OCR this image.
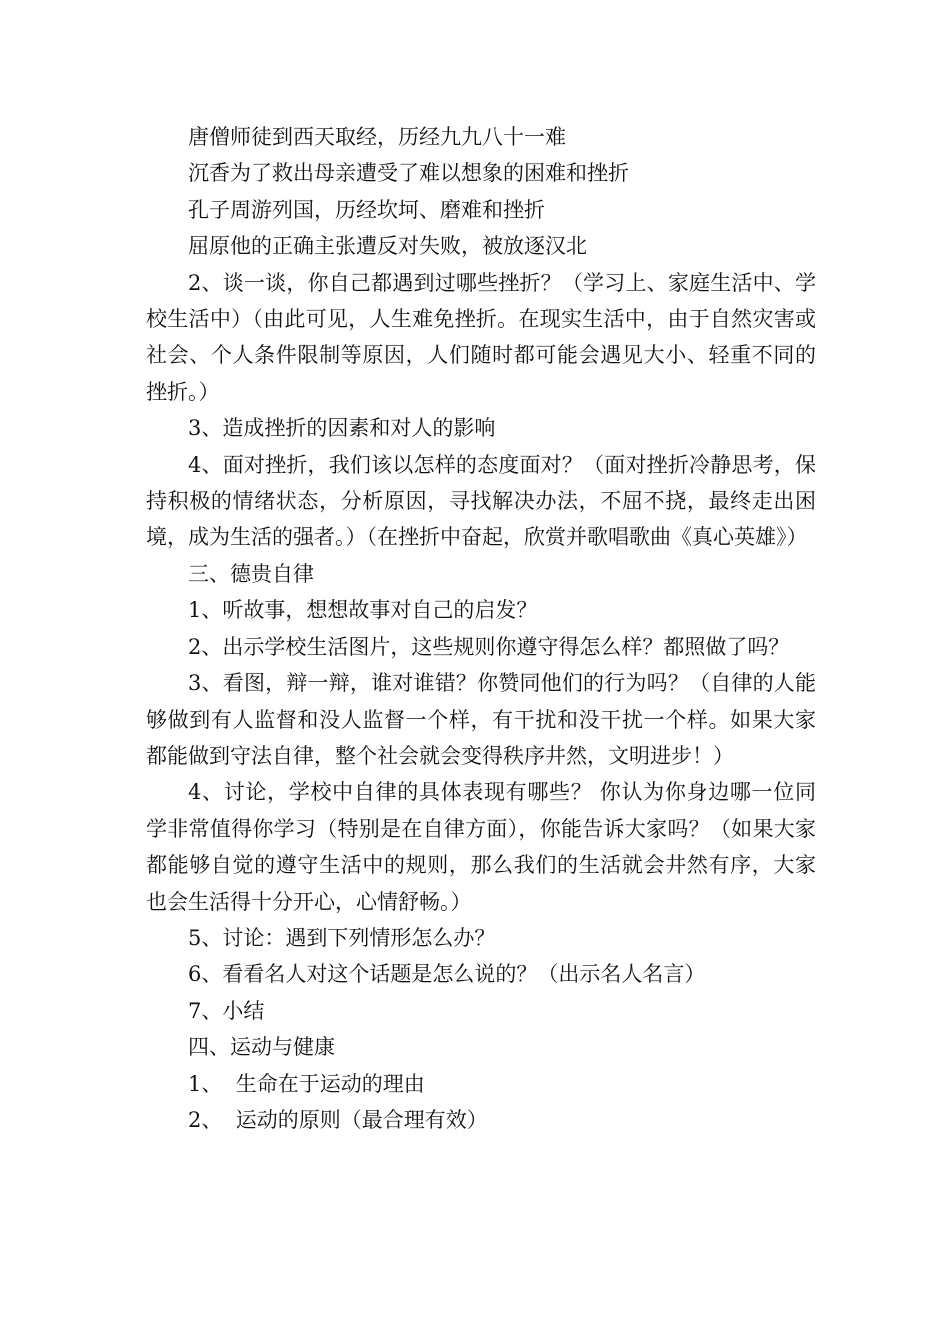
唐僧师徒到西天取经，历经九九八十一难

沉香为了救出母亲遭受了难以想象的困难和挫折

孔子周游列国，历经坎坷、磨难和挫折

屈原他的正确主张遭反对失败，被放逐汉北

2、谈一谈，你自己都遇到过哪些挫折？（学习上、家庭生活中、学校生活中）（由此可见，人生难免挫折。在现实生活中，由于自然灾害或社会、个人条件限制等原因，人们随时都可能会遇见大小、轻重不同的挫折。）

3、造成挫折的因素和对人的影响

4、面对挫折，我们该以怎样的态度面对？（面对挫折冷静思考，保持积极的情绪状态，分析原因，寻找解决办法，不屈不挠，最终走出困境，成为生活的强者。）（在挫折中奋起，欣赏并歌唱歌曲《真心英雄》）

三、德贵自律

1、听故事，想想故事对自己的启发？

2、出示学校生活图片，这些规则你遵守得怎么样？都照做了吗？

3、看图，辩一辩，谁对谁错？你赞同他们的行为吗？（自律的人能够做到有人监督和没人监督一个样，有干扰和没干扰一个样。如果大家都能做到守法自律，整个社会就会变得秩序井然，文明进步！）

4、讨论，学校中自律的具体表现有哪些？ 你认为你身边哪一位同学非常值得你学习（特别是在自律方面），你能告诉大家吗？（如果大家都能够自觉的遵守生活中的规则，那么我们的生活就会井然有序，大家也会生活得十分开心，心情舒畅。）

5、讨论：遇到下列情形怎么办？

6、看看名人对这个话题是怎么说的？（出示名人名言）

7、小结

四、运动与健康

1、  生命在于运动的理由

2、  运动的原则（最合理有效）
